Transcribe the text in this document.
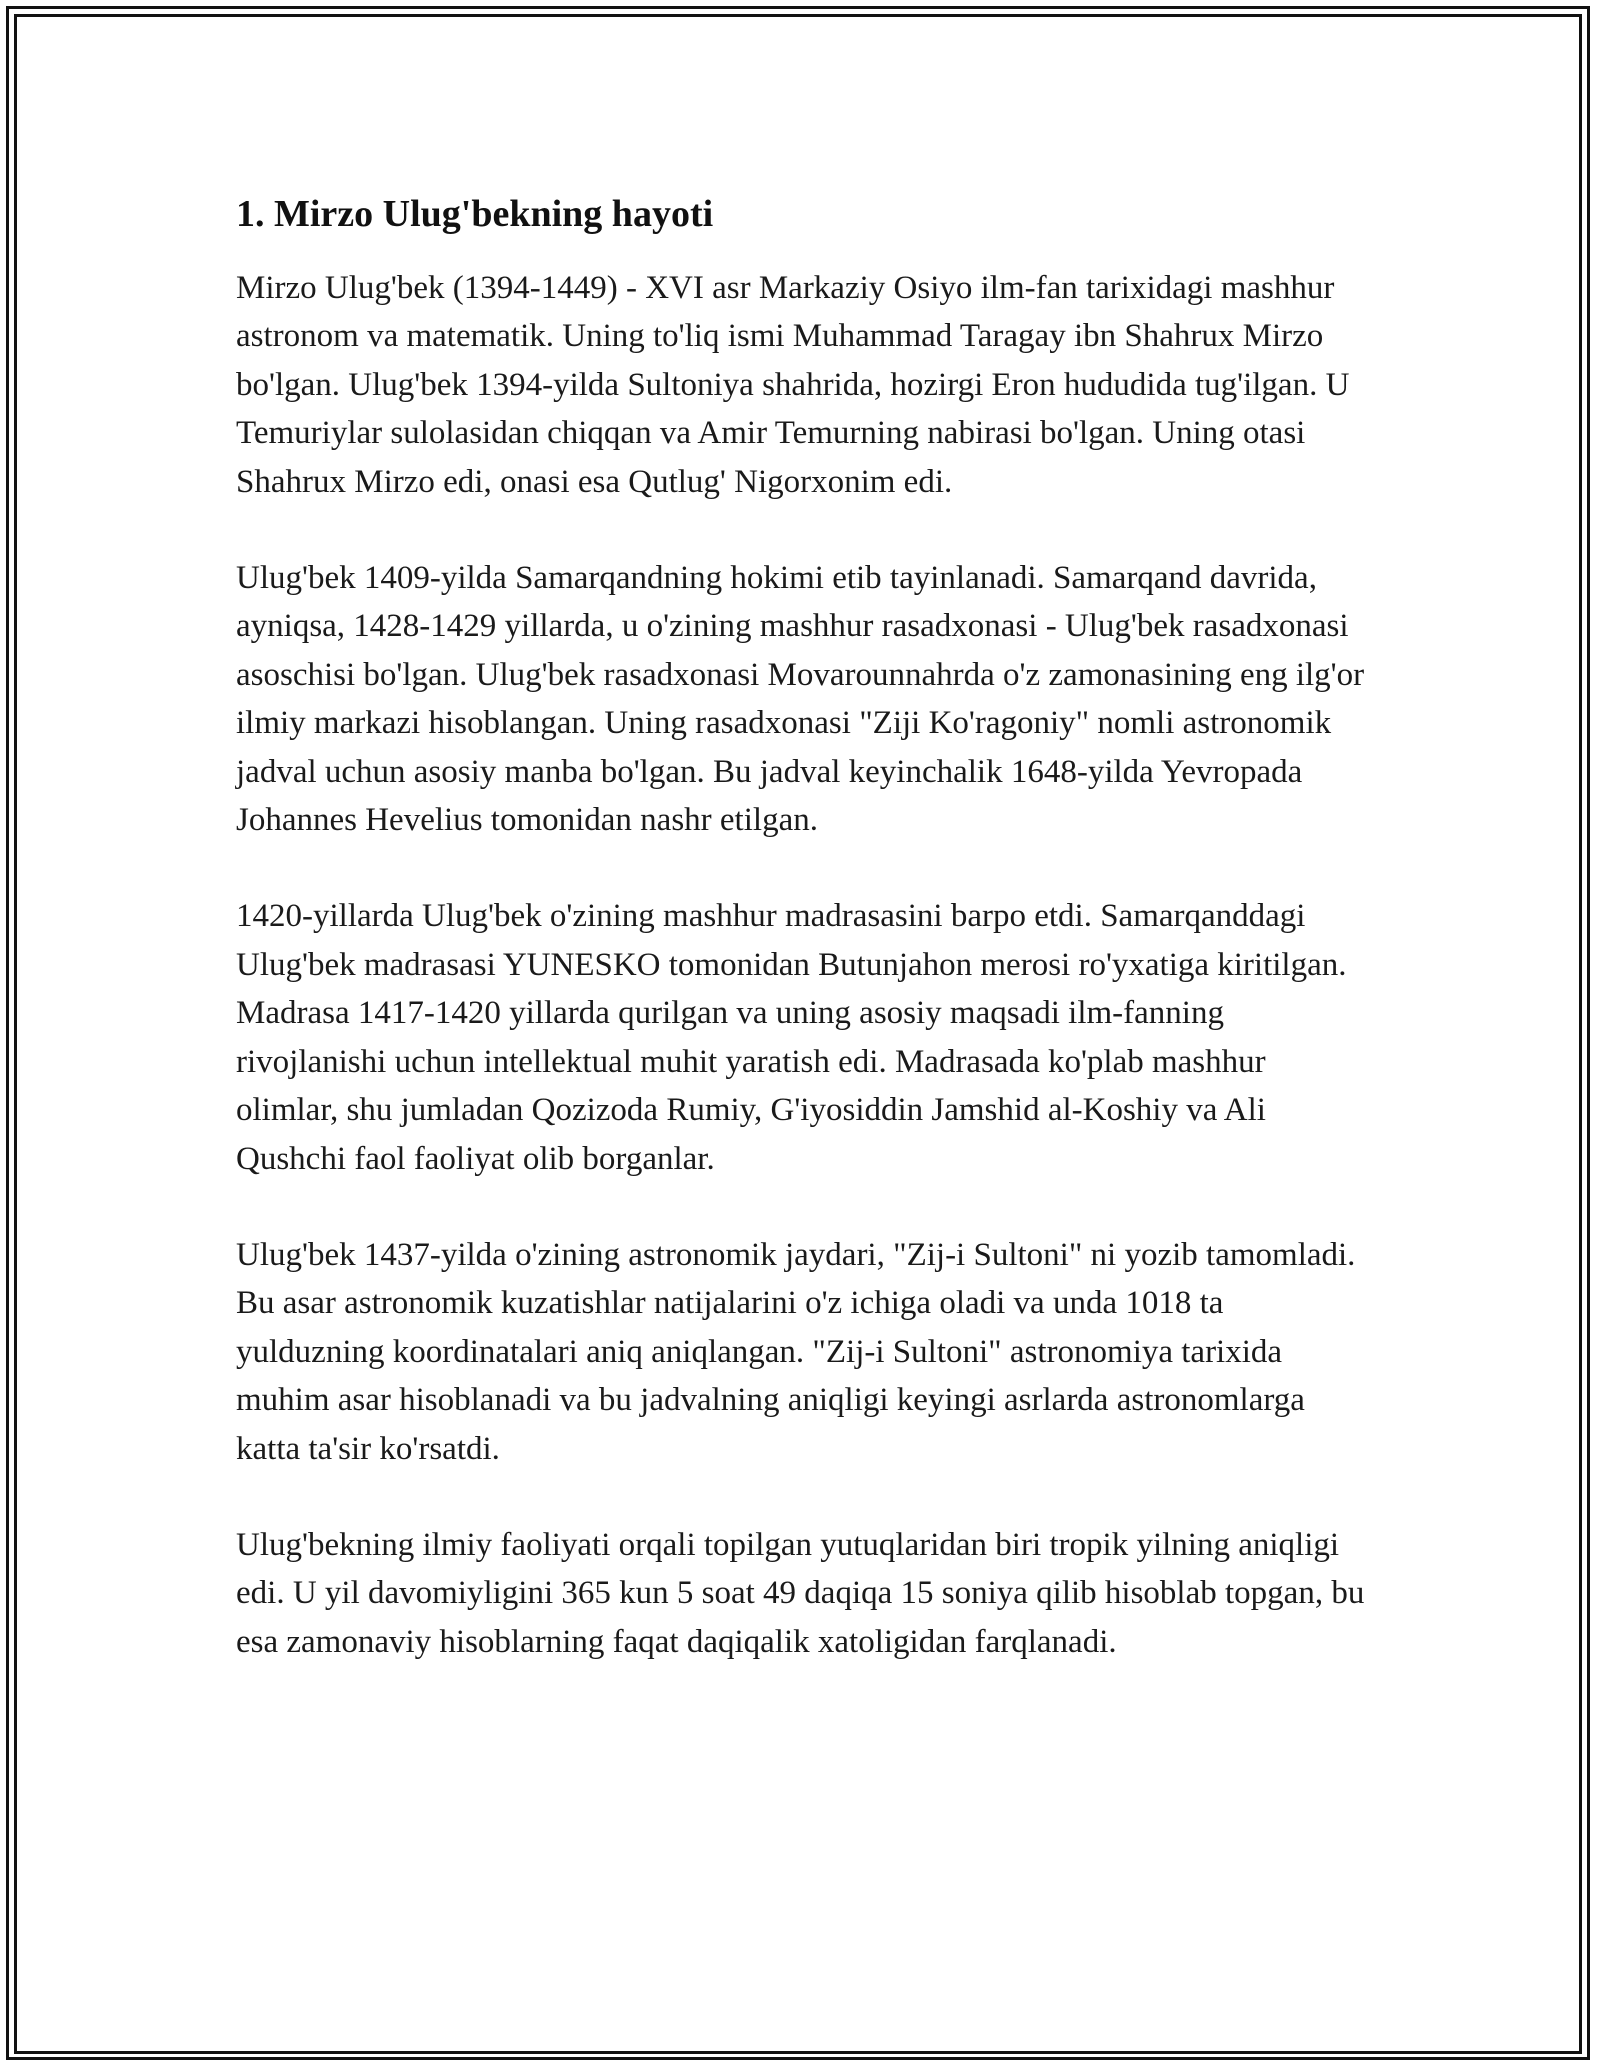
1. Mirzo Ulug'bekning hayoti

Mirzo Ulug'bek (1394-1449) - XVI asr Markaziy Osiyo ilm-fan tarixidagi mashhur astronom va matematik. Uning to'liq ismi Muhammad Taragay ibn Shahrux Mirzo bo'lgan. Ulug'bek 1394-yilda Sultoniya shahrida, hozirgi Eron hududida tug'ilgan. U Temuriylar sulolasidan chiqqan va Amir Temurning nabirasi bo'lgan. Uning otasi Shahrux Mirzo edi, onasi esa Qutlug' Nigorxonim edi.

Ulug'bek 1409-yilda Samarqandning hokimi etib tayinlanadi. Samarqand davrida, ayniqsa, 1428-1429 yillarda, u o'zining mashhur rasadxonasi - Ulug'bek rasadxonasi asoschisi bo'lgan. Ulug'bek rasadxonasi Movarounnahrda o'z zamonasining eng ilg'or ilmiy markazi hisoblangan. Uning rasadxonasi "Ziji Ko'ragoniy" nomli astronomik jadval uchun asosiy manba bo'lgan. Bu jadval keyinchalik 1648-yilda Yevropada Johannes Hevelius tomonidan nashr etilgan.

1420-yillarda Ulug'bek o'zining mashhur madrasasini barpo etdi. Samarqanddagi Ulug'bek madrasasi YUNESKO tomonidan Butunjahon merosi ro'yxatiga kiritilgan. Madrasa 1417-1420 yillarda qurilgan va uning asosiy maqsadi ilm-fanning rivojlanishi uchun intellektual muhit yaratish edi. Madrasada ko'plab mashhur olimlar, shu jumladan Qozizoda Rumiy, G'iyosiddin Jamshid al-Koshiy va Ali Qushchi faol faoliyat olib borganlar.

Ulug'bek 1437-yilda o'zining astronomik jaydari, "Zij-i Sultoni" ni yozib tamomladi. Bu asar astronomik kuzatishlar natijalarini o'z ichiga oladi va unda 1018 ta yulduzning koordinatalari aniq aniqlangan. "Zij-i Sultoni" astronomiya tarixida muhim asar hisoblanadi va bu jadvalning aniqligi keyingi asrlarda astronomlarga katta ta'sir ko'rsatdi.

Ulug'bekning ilmiy faoliyati orqali topilgan yutuqlaridan biri tropik yilning aniqligi edi. U yil davomiyligini 365 kun 5 soat 49 daqiqa 15 soniya qilib hisoblab topgan, bu esa zamonaviy hisoblarning faqat daqiqalik xatoligidan farqlanadi.
